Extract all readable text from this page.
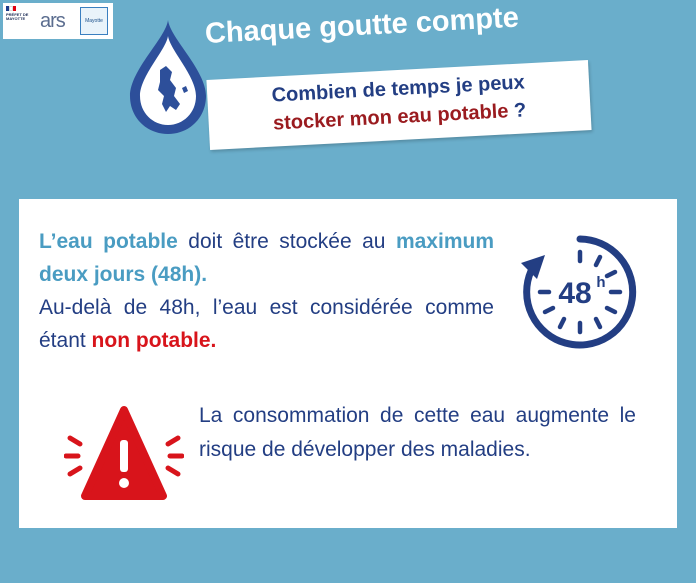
PRÉFET DE MAYOTTE ars	Mayotte	Chaque goutte compte
Combien de temps je peux
stocker mon eau potable ?
L’eau potable doit être stockée au maximum deux jours (48h).
Au-delà de 48h, l’eau est considérée comme étant non potable.
48 h
La consommation de cette eau augmente le risque de développer des maladies.
